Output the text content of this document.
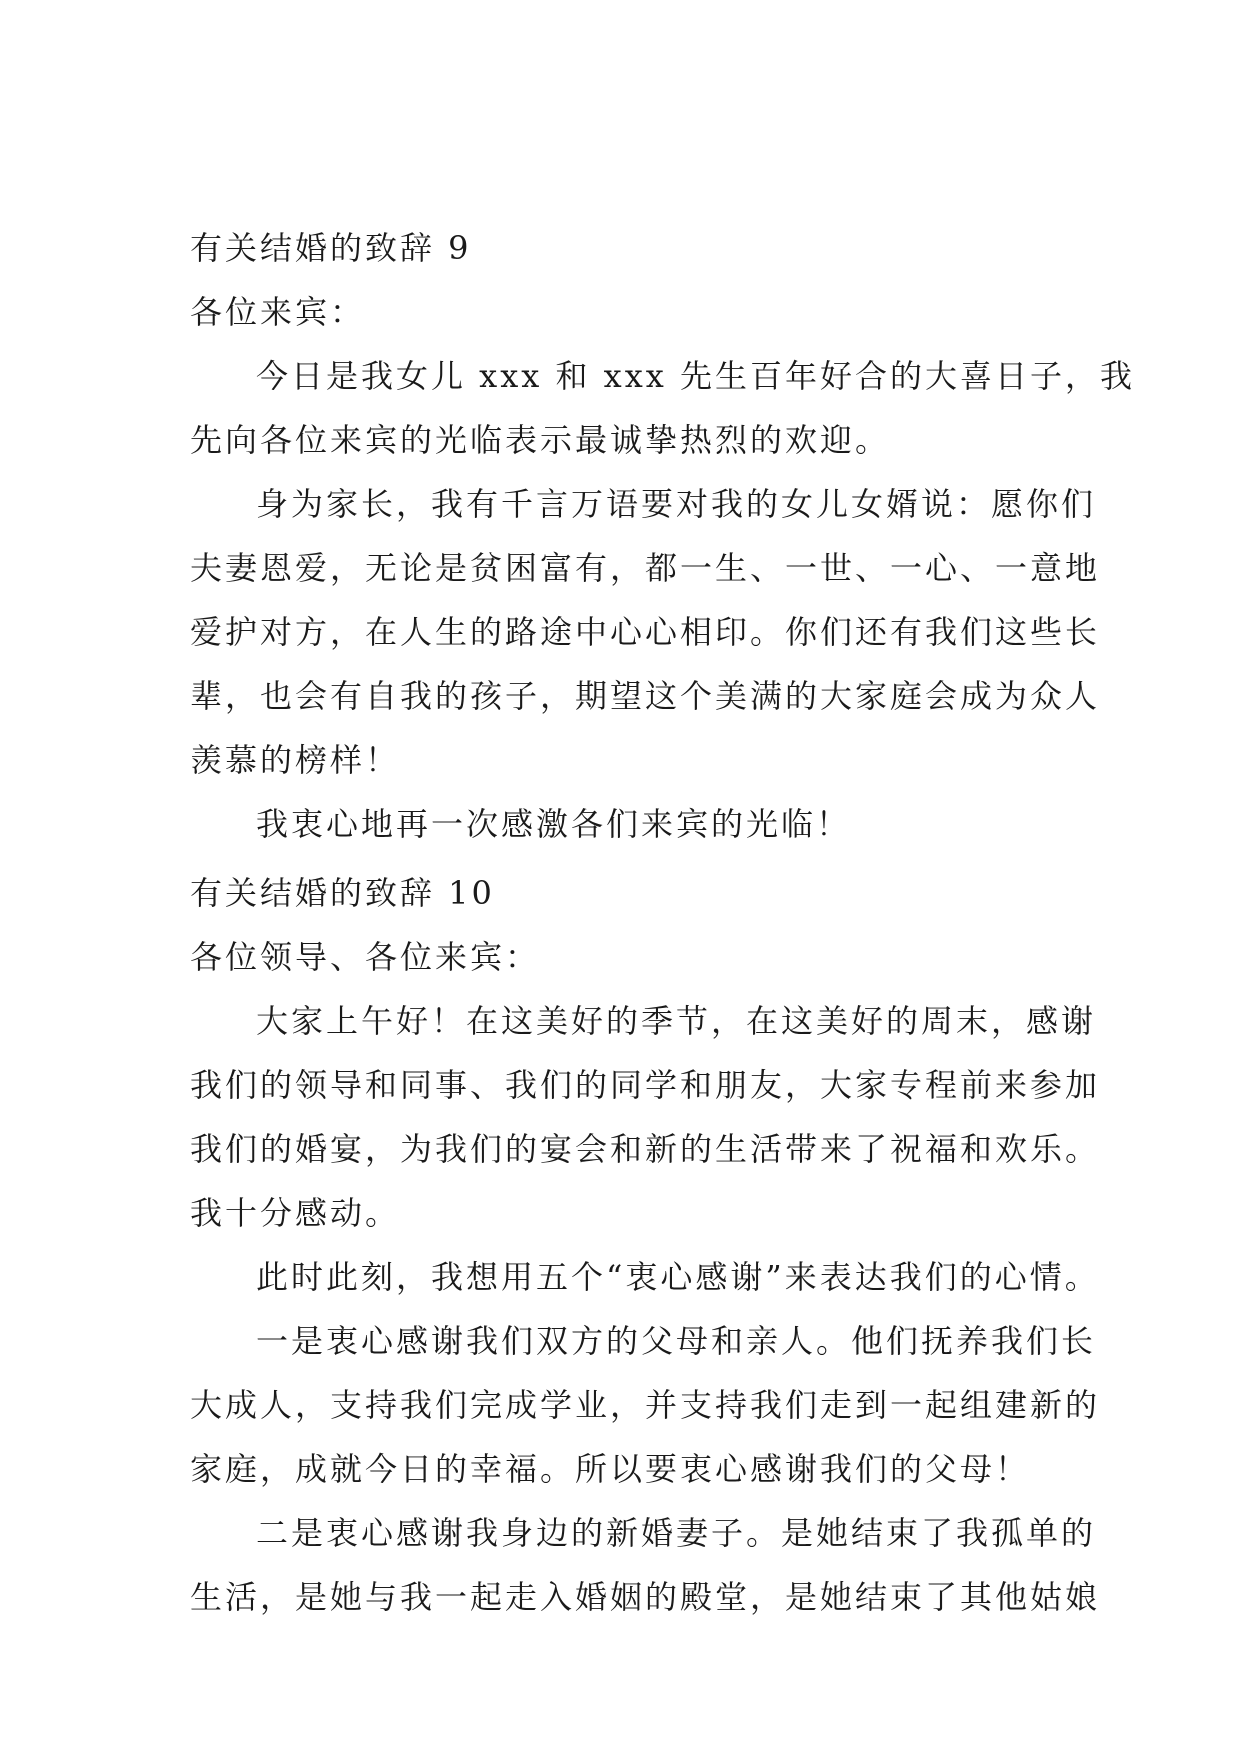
有关结婚的致辞 9
各位来宾：
今日是我女儿 xxx 和 xxx 先生百年好合的大喜日子，我
先向各位来宾的光临表示最诚挚热烈的欢迎。
身为家长，我有千言万语要对我的女儿女婿说：愿你们
夫妻恩爱，无论是贫困富有，都一生、一世、一心、一意地
爱护对方，在人生的路途中心心相印。你们还有我们这些长
辈，也会有自我的孩子，期望这个美满的大家庭会成为众人
羡慕的榜样！
我衷心地再一次感激各们来宾的光临！
有关结婚的致辞 10
各位领导、各位来宾：
大家上午好！在这美好的季节，在这美好的周末，感谢
我们的领导和同事、我们的同学和朋友，大家专程前来参加
我们的婚宴，为我们的宴会和新的生活带来了祝福和欢乐。
我十分感动。
此时此刻，我想用五个“衷心感谢”来表达我们的心情。
一是衷心感谢我们双方的父母和亲人。他们抚养我们长
大成人，支持我们完成学业，并支持我们走到一起组建新的
家庭，成就今日的幸福。所以要衷心感谢我们的父母！
二是衷心感谢我身边的新婚妻子。是她结束了我孤单的
生活，是她与我一起走入婚姻的殿堂，是她结束了其他姑娘
